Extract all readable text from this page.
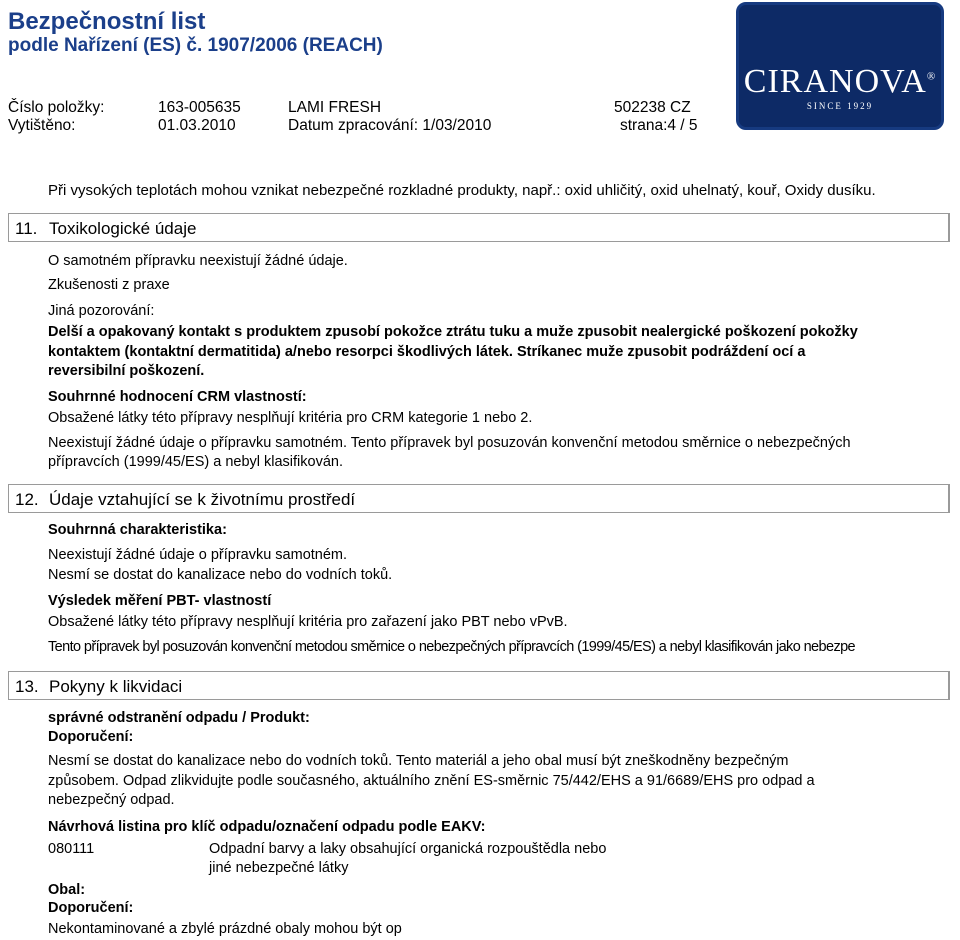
Bezpečnostní list
podle Nařízení (ES) č. 1907/2006 (REACH)
Číslo položky:	163-005635	LAMI FRESH	502238 CZ
Vytištěno:	01.03.2010	Datum zpracování: 1/03/2010	strana:4 / 5
CIRANOVA®
SINCE 1929
Při vysokých teplotách mohou vznikat nebezpečné rozkladné produkty, např.: oxid uhličitý, oxid uhelnatý, kouř, Oxidy dusíku.
11. Toxikologické údaje
O samotném přípravku neexistují žádné údaje.
Zkušenosti z praxe
Jiná pozorování:
Delší a opakovaný kontakt s produktem zpusobí pokožce ztrátu tuku a muže zpusobit nealergické poškození pokožky
kontaktem (kontaktní dermatitida) a/nebo resorpci škodlivých látek. Stríkanec muže zpusobit podráždení ocí a
reversibilní poškození.
Souhrnné hodnocení CRM vlastností:
Obsažené látky této přípravy nesplňují kritéria pro CRM kategorie 1 nebo 2.
Neexistují žádné údaje o přípravku samotném. Tento přípravek byl posuzován konvenční metodou směrnice o nebezpečných
přípravcích (1999/45/ES) a nebyl klasifikován.
12. Údaje vztahující se k životnímu prostředí
Souhrnná charakteristika:
Neexistují žádné údaje o přípravku samotném.
Nesmí se dostat do kanalizace nebo do vodních toků.
Výsledek měření PBT- vlastností
Obsažené látky této přípravy nesplňují kritéria pro zařazení jako PBT nebo vPvB.
Tento přípravek byl posuzován konvenční metodou směrnice o nebezpečných přípravcích (1999/45/ES) a nebyl klasifikován jako nebezpe
13. Pokyny k likvidaci
správné odstranění odpadu / Produkt:
Doporučení:
Nesmí se dostat do kanalizace nebo do vodních toků. Tento materiál a jeho obal musí být zneškodněny bezpečným
způsobem. Odpad zlikvidujte podle současného, aktuálního znění ES-směrnic 75/442/EHS a 91/6689/EHS pro odpad a
nebezpečný odpad.
Návrhová listina pro klíč odpadu/označení odpadu podle EAKV:
080111	Odpadní barvy a laky obsahující organická rozpouštědla nebo
jiné nebezpečné látky
Obal:
Doporučení:
Nekontaminované a zbylé prázdné obaly mohou být op
